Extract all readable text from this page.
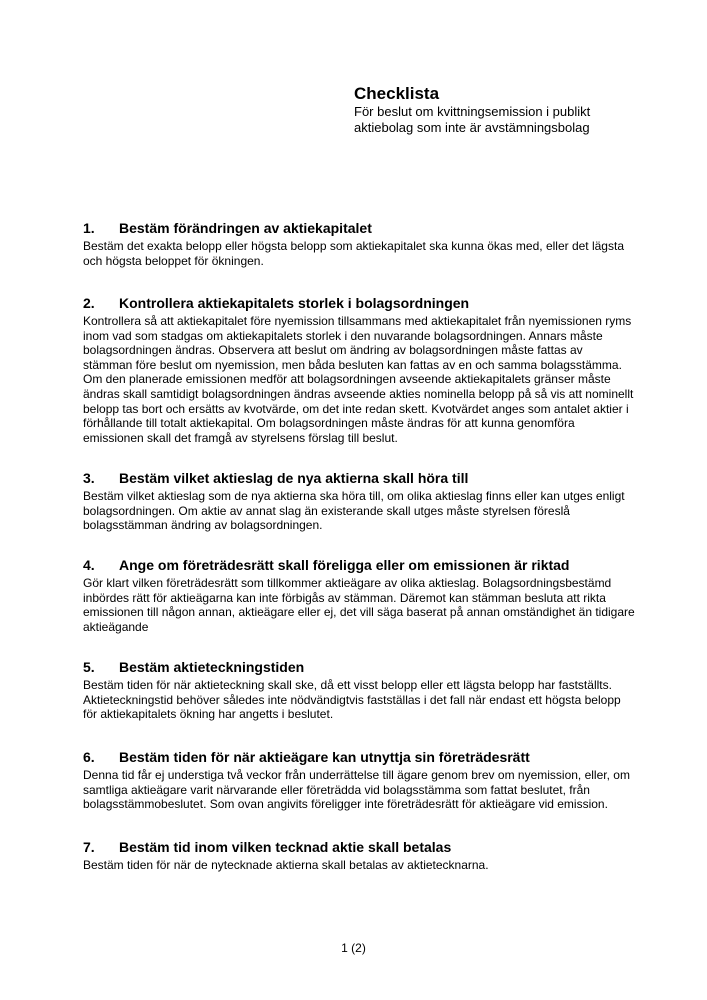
Checklista
För beslut om kvittningsemission i publikt
aktiebolag som inte är avstämningsbolag
1.	Bestäm förändringen av aktiekapitalet

Bestäm det exakta belopp eller högsta belopp som aktiekapitalet ska kunna ökas med, eller det lägsta och högsta beloppet för ökningen.

2.	Kontrollera aktiekapitalets storlek i bolagsordningen

Kontrollera så att aktiekapitalet före nyemission tillsammans med aktiekapitalet från nyemissionen ryms inom vad som stadgas om aktiekapitalets storlek i den nuvarande bolagsordningen. Annars måste bolagsordningen ändras. Observera att beslut om ändring av bolagsordningen måste fattas av stämman före beslut om nyemission, men båda besluten kan fattas av en och samma bolagsstämma. Om den planerade emissionen medför att bolagsordningen avseende aktiekapitalets gränser måste ändras skall samtidigt bolagsordningen ändras avseende akties nominella belopp på så vis att nominellt belopp tas bort och ersätts av kvotvärde, om det inte redan skett. Kvotvärdet anges som antalet aktier i förhållande till totalt aktiekapital. Om bolagsordningen måste ändras för att kunna genomföra emissionen skall det framgå av styrelsens förslag till beslut.

3.	Bestäm vilket aktieslag de nya aktierna skall höra till

Bestäm vilket aktieslag som de nya aktierna ska höra till, om olika aktieslag finns eller kan utges enligt bolagsordningen. Om aktie av annat slag än existerande skall utges måste styrelsen föreslå bolagsstämman ändring av bolagsordningen.

4.	Ange om företrädesrätt skall föreligga eller om emissionen är riktad

Gör klart vilken företrädesrätt som tillkommer aktieägare av olika aktieslag. Bolagsordningsbestämd inbördes rätt för aktieägarna kan inte förbigås av stämman. Däremot kan stämman besluta att rikta emissionen till någon annan, aktieägare eller ej, det vill säga baserat på annan omständighet än tidigare aktieägande

5.	Bestäm aktieteckningstiden

Bestäm tiden för när aktieteckning skall ske, då ett visst belopp eller ett lägsta belopp har fastställts. Aktieteckningstid behöver således inte nödvändigtvis fastställas i det fall när endast ett högsta belopp för aktiekapitalets ökning har angetts i beslutet.

6.	Bestäm tiden för när aktieägare kan utnyttja sin företrädesrätt

Denna tid får ej understiga två veckor från underrättelse till ägare genom brev om nyemission, eller, om samtliga aktieägare varit närvarande eller företrädda vid bolagsstämma som fattat beslutet, från bolagsstämmobeslutet. Som ovan angivits föreligger inte företrädesrätt för aktieägare vid emission.

7.	Bestäm tid inom vilken tecknad aktie skall betalas

Bestäm tiden för när de nytecknade aktierna skall betalas av aktietecknarna.

1 (2)
